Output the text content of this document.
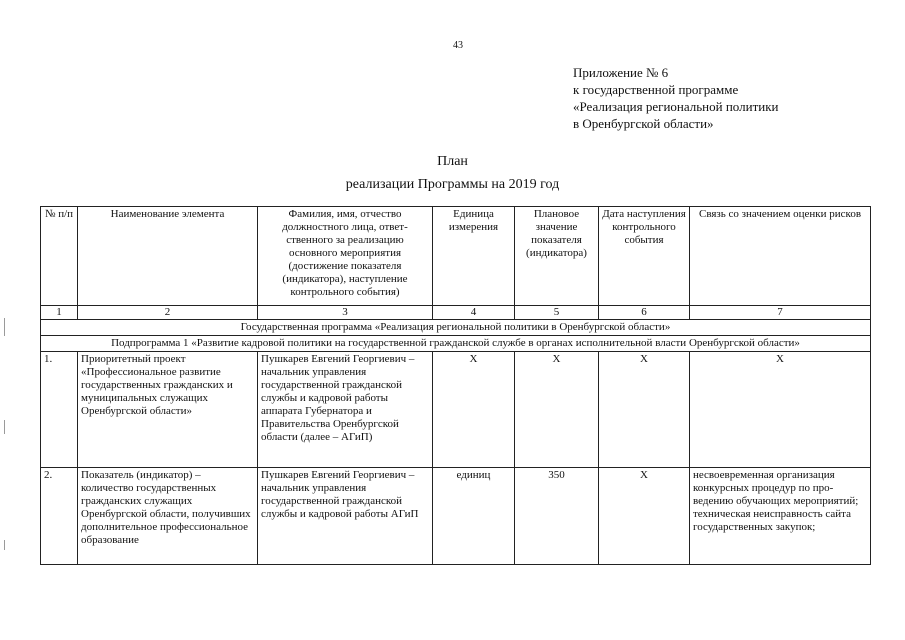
43
Приложение № 6
к государственной программе
«Реализация региональной политики
в Оренбургской области»
План
реализации Программы на 2019 год
№ п/п	Наименование элемента	Фамилия, имя, отчество должностного лица, ответственного за реализацию основного мероприятия (достижение показателя (индикатора), наступление контрольного события)	Единица измерения	Плановое значение показателя (индикатора)	Дата наступления контрольного события	Связь со значением оценки рисков
1	2	3	4	5	6	7
Государственная программа «Реализация региональной политики в Оренбургской области»						
Подпрограмма 1 «Развитие кадровой политики на государственной гражданской службе в органах исполнительной власти Оренбургской области»						
1.	Приоритетный проект «Профессиональное развитие государственных гражданских и муниципальных служащих Оренбургской области»	Пушкарев Евгений Георгиевич – начальник управления государственной гражданской службы и кадровой работы аппарата Губернатора и Правительства Оренбургской области (далее – АГиП)	Х	Х	Х	Х
2.	Показатель (индикатор) – количество государственных гражданских служащих Оренбургской области, получивших дополнительное профессиональное образование	Пушкарев Евгений Георгиевич – начальник управления государственной гражданской службы и кадровой работы АГиП	единиц	350	Х	несвоевременная организация конкурсных процедур по проведению обучающих мероприятий; техническая неисправность сайта государственных закупок;
